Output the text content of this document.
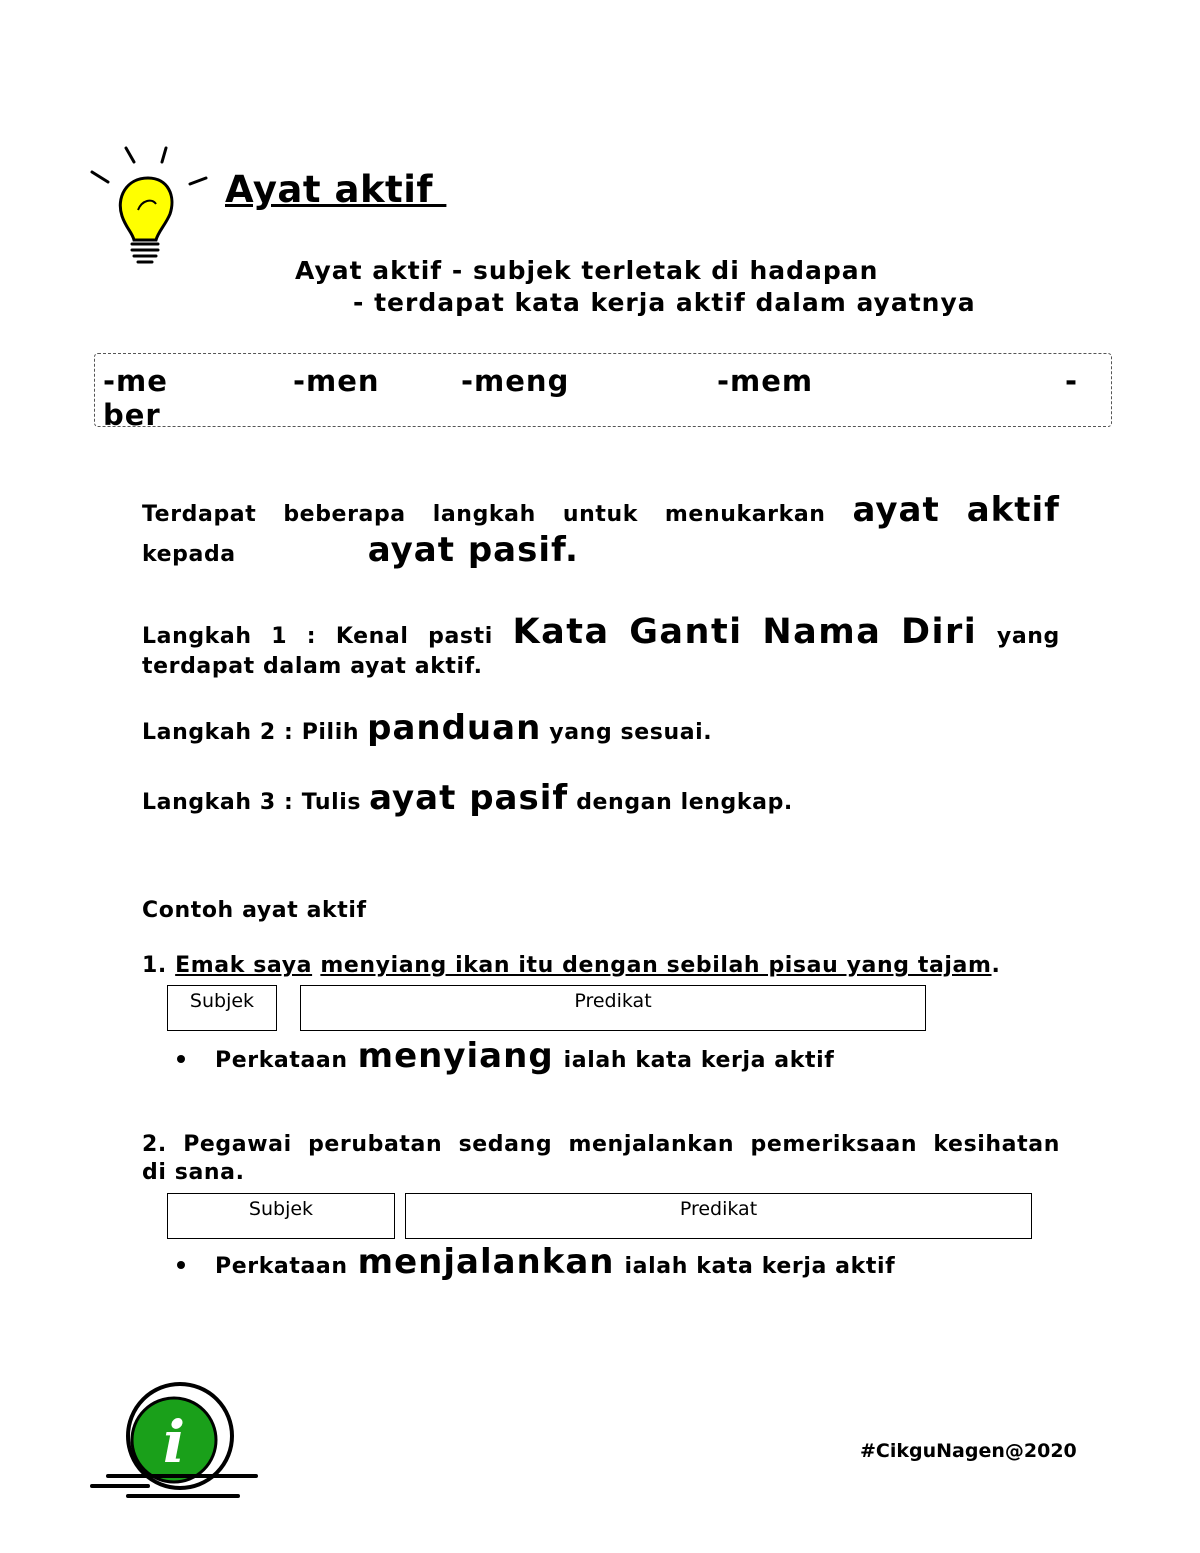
Ayat aktif
Ayat aktif - subjek terletak di hadapan
- terdapat kata kerja aktif dalam ayatnya
-me	-men	-meng	-mem	-
ber
Terdapat beberapa langkah untuk menukarkan ayat aktif
kepada	ayat pasif.
Langkah 1 : Kenal pasti Kata Ganti Nama Diri yang
terdapat dalam ayat aktif.
Langkah 2 : Pilih panduan yang sesuai.
Langkah 3 : Tulis ayat pasif dengan lengkap.
Contoh ayat aktif
1. Emak saya menyiang ikan itu dengan sebilah pisau yang tajam.
Subjek	Predikat
Perkataan menyiang ialah kata kerja aktif
2. Pegawai perubatan sedang menjalankan pemeriksaan kesihatan
di sana.
Subjek	Predikat
Perkataan menjalankan ialah kata kerja aktif
i	#CikguNagen@2020
